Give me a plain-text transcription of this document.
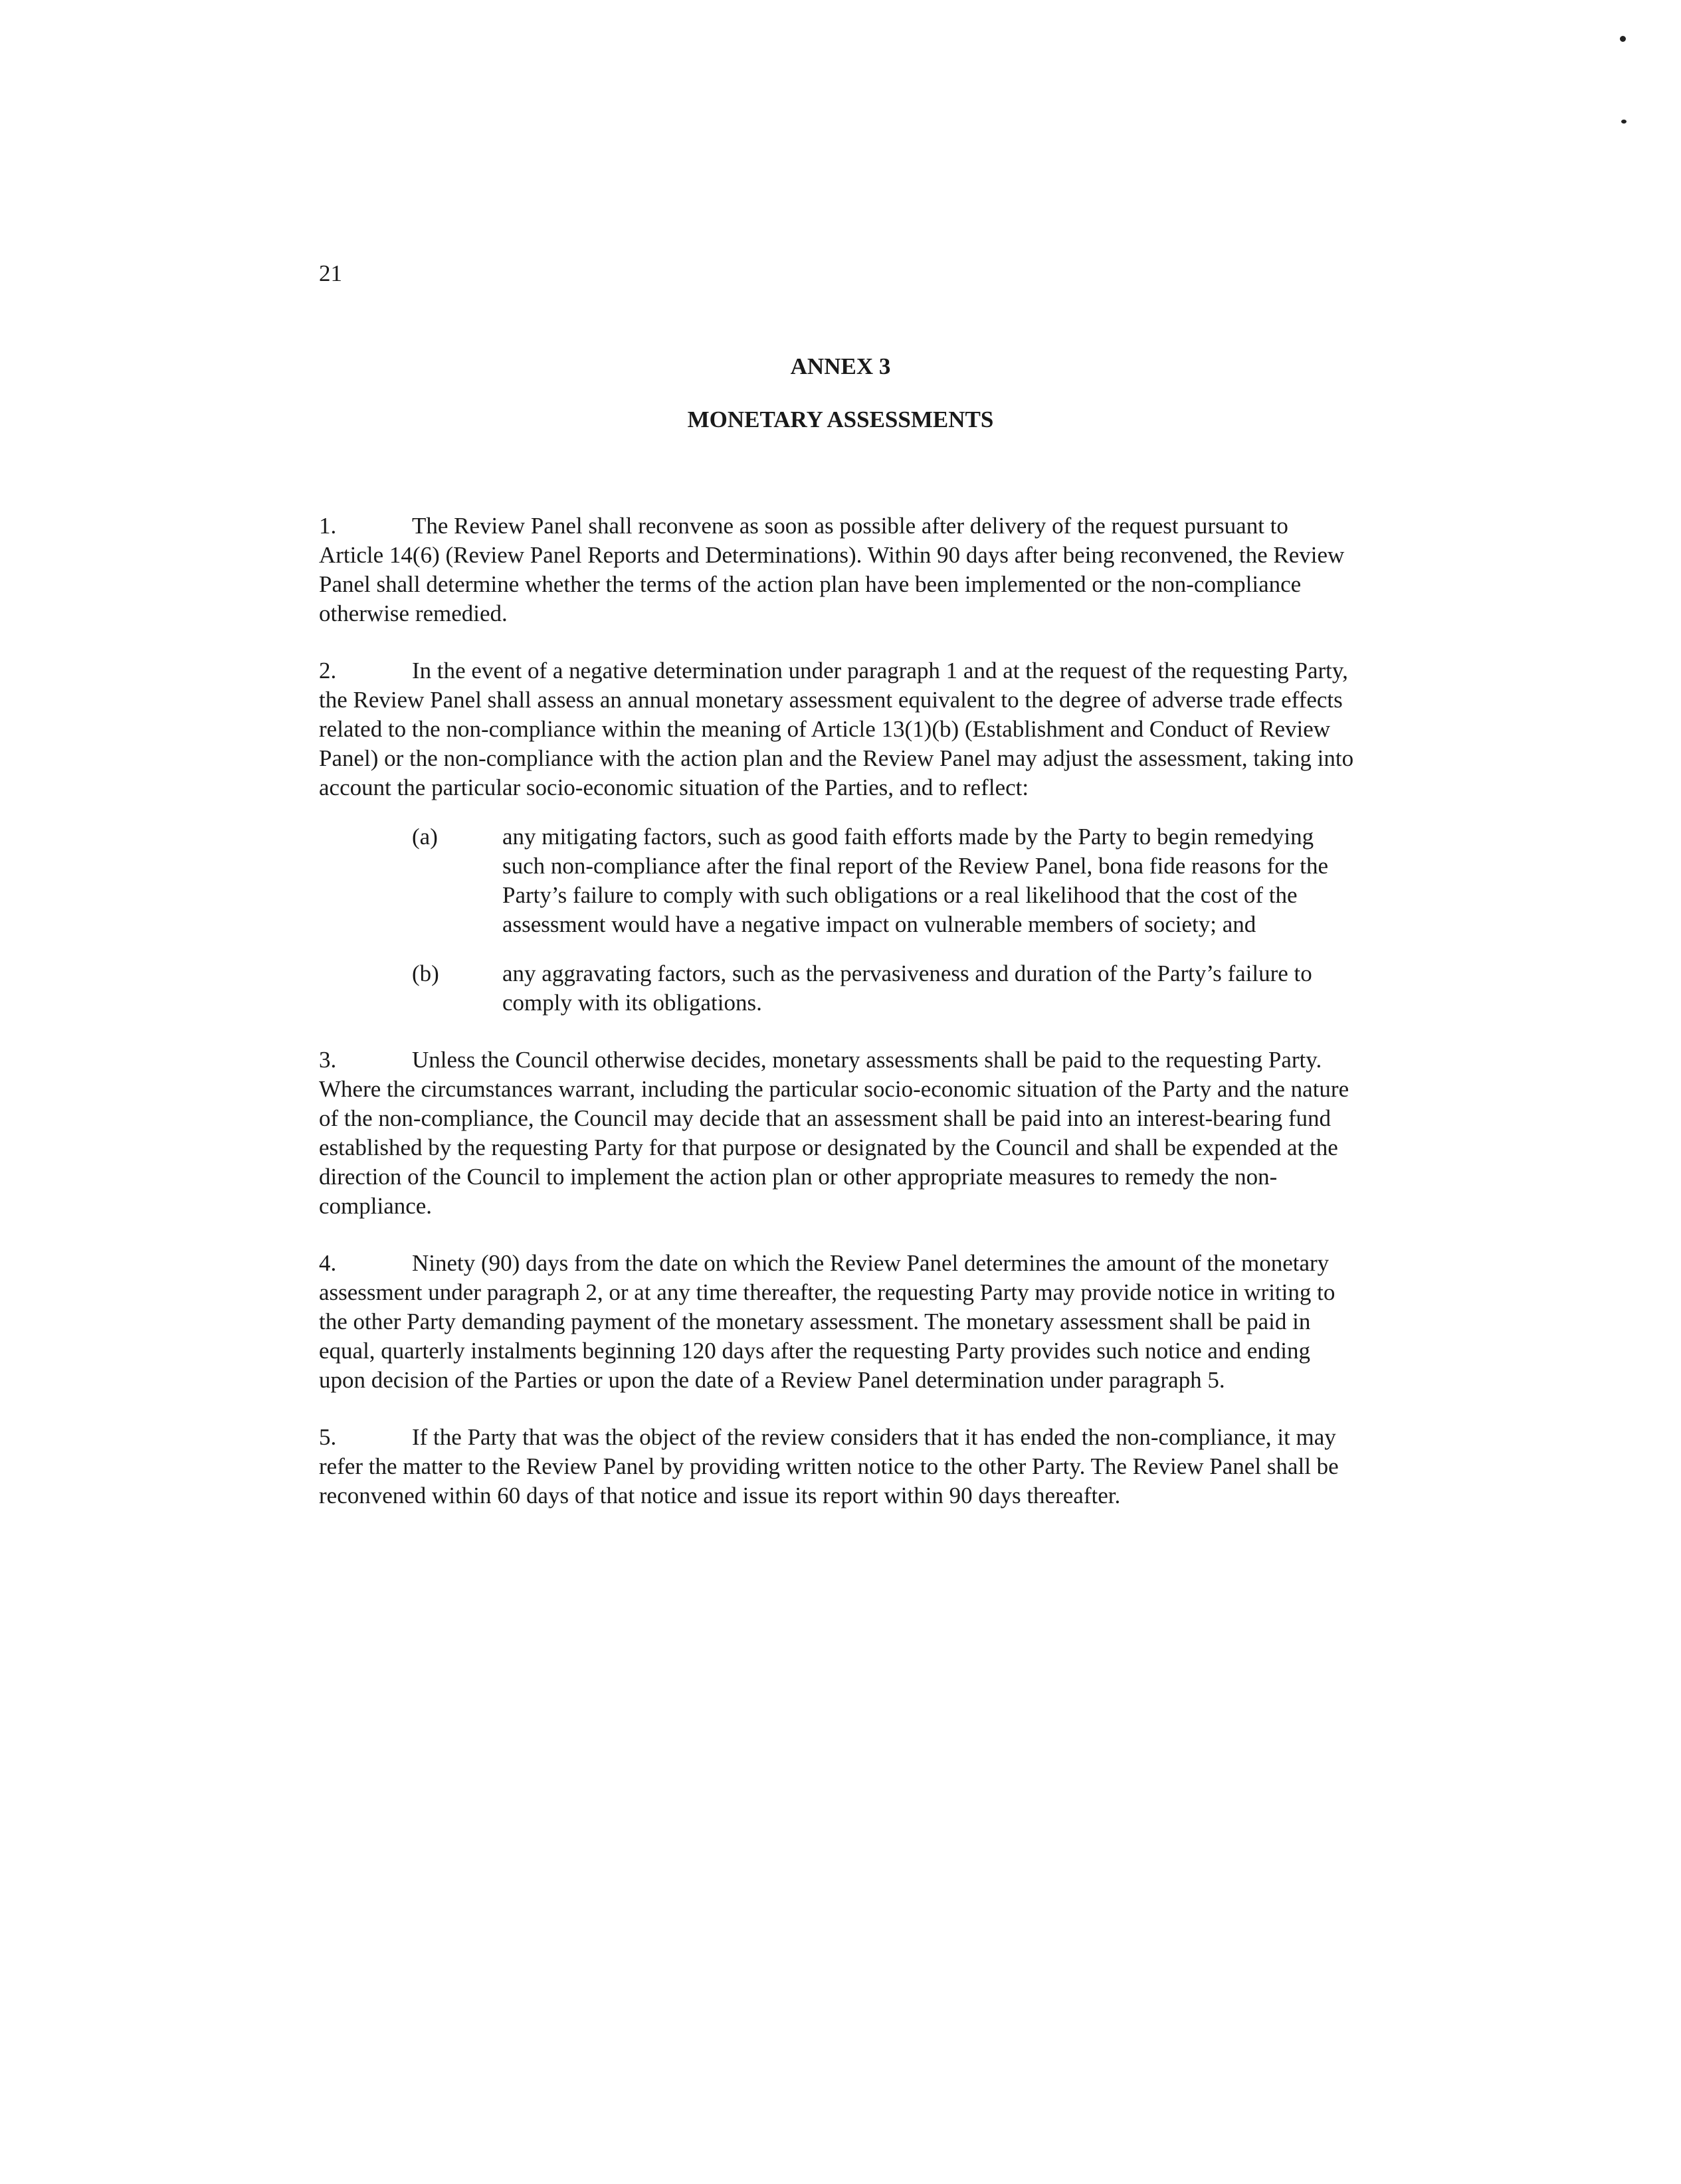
21
ANNEX 3
MONETARY ASSESSMENTS

1.	The Review Panel shall reconvene as soon as possible after delivery of the request pursuant to Article 14(6) (Review Panel Reports and Determinations). Within 90 days after being reconvened, the Review Panel shall determine whether the terms of the action plan have been implemented or the non-compliance otherwise remedied.

2.	In the event of a negative determination under paragraph 1 and at the request of the requesting Party, the Review Panel shall assess an annual monetary assessment equivalent to the degree of adverse trade effects related to the non-compliance within the meaning of Article 13(1)(b) (Establishment and Conduct of Review Panel) or the non-compliance with the action plan and the Review Panel may adjust the assessment, taking into account the particular socio-economic situation of the Parties, and to reflect:

(a)	any mitigating factors, such as good faith efforts made by the Party to begin remedying such non-compliance after the final report of the Review Panel, bona fide reasons for the Party’s failure to comply with such obligations or a real likelihood that the cost of the assessment would have a negative impact on vulnerable members of society; and
(b)	any aggravating factors, such as the pervasiveness and duration of the Party’s failure to comply with its obligations.

3.	Unless the Council otherwise decides, monetary assessments shall be paid to the requesting Party. Where the circumstances warrant, including the particular socio-economic situation of the Party and the nature of the non-compliance, the Council may decide that an assessment shall be paid into an interest-bearing fund established by the requesting Party for that purpose or designated by the Council and shall be expended at the direction of the Council to implement the action plan or other appropriate measures to remedy the non-compliance.

4.	Ninety (90) days from the date on which the Review Panel determines the amount of the monetary assessment under paragraph 2, or at any time thereafter, the requesting Party may provide notice in writing to the other Party demanding payment of the monetary assessment. The monetary assessment shall be paid in equal, quarterly instalments beginning 120 days after the requesting Party provides such notice and ending upon decision of the Parties or upon the date of a Review Panel determination under paragraph 5.

5.	If the Party that was the object of the review considers that it has ended the non-compliance, it may refer the matter to the Review Panel by providing written notice to the other Party. The Review Panel shall be reconvened within 60 days of that notice and issue its report within 90 days thereafter.
